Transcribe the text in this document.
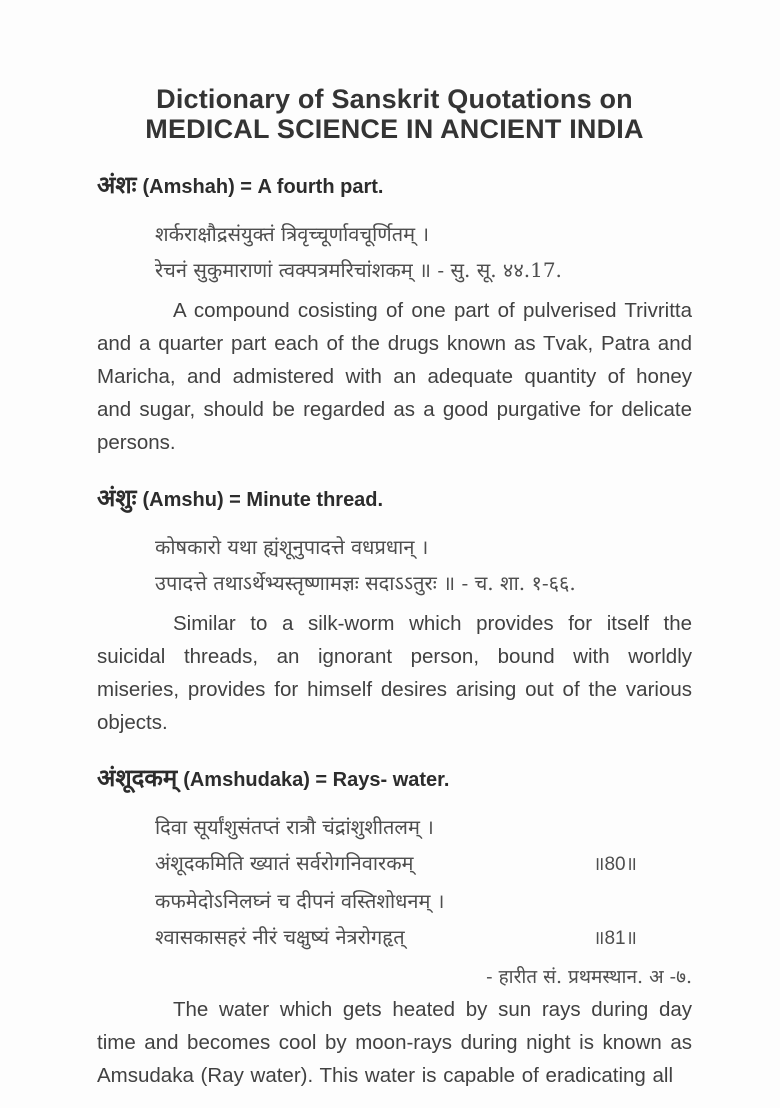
Dictionary of Sanskrit Quotations on
MEDICAL SCIENCE IN ANCIENT INDIA
अंशः (Amshah) = A fourth part.
शर्कराक्षौद्रसंयुक्तं त्रिवृच्चूर्णावचूर्णितम् ।
रेचनं सुकुमाराणां त्वक्पत्रमरिचांशकम् ॥ - सु. सू. ४४.17.

A compound cosisting of one part of pulverised Trivritta and a quarter part each of the drugs known as Tvak, Patra and Maricha, and admistered with an adequate quantity of honey and sugar, should be regarded as a good purgative for delicate persons.

अंशुः (Amshu) = Minute thread.
कोषकारो यथा ह्यंशूनुपादत्ते वधप्रधान् ।
उपादत्ते तथाऽर्थेभ्यस्तृष्णामज्ञः सदाऽऽतुरः ॥ - च. शा. १-६६.

Similar to a silk-worm which provides for itself the suicidal threads, an ignorant person, bound with worldly miseries, provides for himself desires arising out of the various objects.

अंशूदकम् (Amshudaka) = Rays- water.
दिवा सूर्यांशुसंतप्तं रात्रौ चंद्रांशुशीतलम् ।
अंशूदकमिति ख्यातं सर्वरोगनिवारकम्	॥80॥
कफमेदोऽनिलघ्नं च दीपनं वस्तिशोधनम् ।
श्वासकासहरं नीरं चक्षुष्यं नेत्ररोगहृत्	॥81॥
- हारीत सं. प्रथमस्थान. अ -७.

The water which gets heated by sun rays during day time and becomes cool by moon-rays during night is known as Amsudaka (Ray water). This water is capable of eradicating all
